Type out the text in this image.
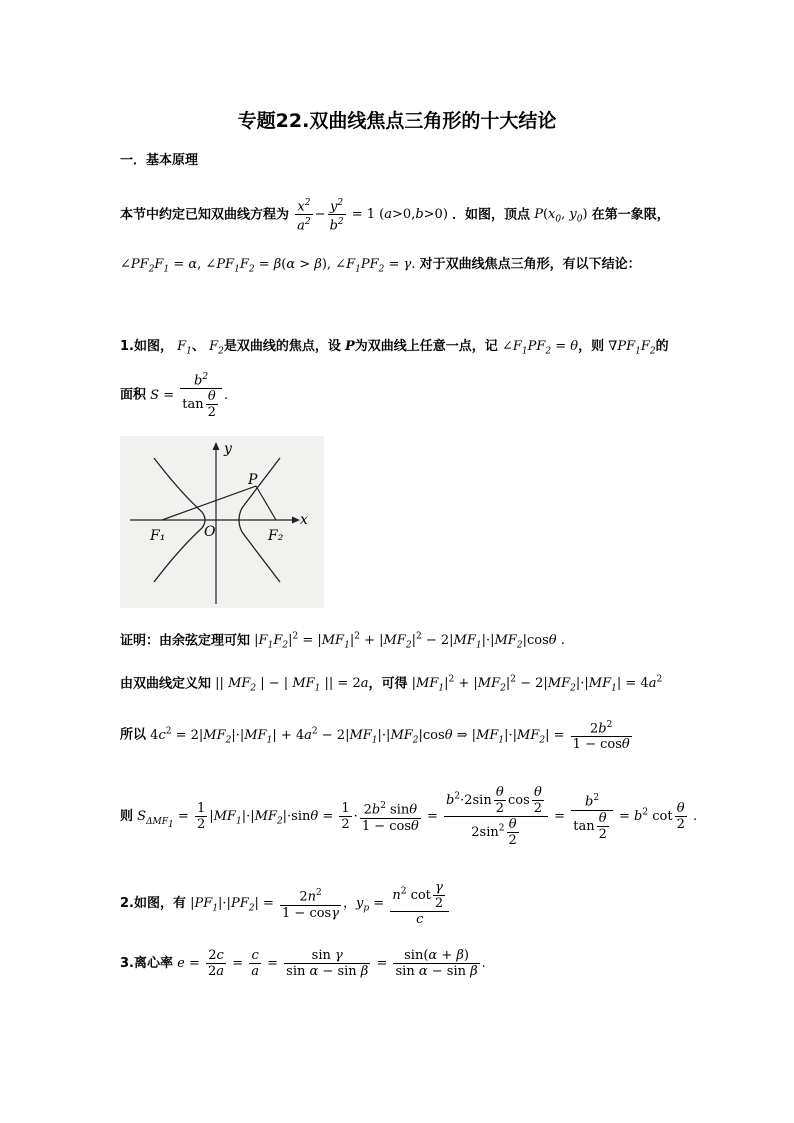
专题22.双曲线焦点三角形的十大结论
一．基本原理
本节中约定已知双曲线方程为 $\frac{x^2}{a^2} - \frac{y^2}{b^2} = 1$ (a>0,b>0) ．如图，顶点 $P(x_0$, $y_0$) 在第一象限，
$\angle PF_2F_1 = \alpha$, $\angle PF_1F_2 = \beta(\alpha > \beta)$, $\angle F_1PF_2 = \gamma$. 对于双曲线焦点三角形，有以下结论：
1.如图， $F_1$、 $F_2$是双曲线的焦点，设 P为双曲线上任意一点，记 $\angle F_1PF_2 = \theta$，则 $\nabla PF_1F_2$的
面积 $S = \frac{b^2}{\tan \frac{\theta}{2}}$ .
y
x
P
O
F₁	F₂
证明：由余弦定理可知 $|F_1F_2|^2 = |MF_1|^2 + |MF_2|^2 - 2|MF_1|\cdot|MF_2|\cos\theta$ .
由双曲线定义知 || $MF_2$ | − | $MF_1$ || = 2a，可得 $|MF_1|^2 + |MF_2|^2 - 2|MF_2|\cdot|MF_1| = 4a^2$
所以 $4c^2 = 2|MF_2|\cdot|MF_1| + 4a^2 - 2|MF_1|\cdot|MF_2|\cos\theta$ ⇒ $|MF_1|\cdot|MF_2| = \frac{2b^2}{1 - \cos\theta}$
则 $S_{\Delta MF_1} = \frac{1}{2} |MF_1|\cdot|MF_2|\cdot\sin\theta = \frac{1}{2} \cdot \frac{2b^2 \sin\theta}{1 - \cos\theta} = \frac{b^2\cdot 2\sin \frac{\theta}{2} \cos \frac{\theta}{2}}{2\sin^2 \frac{\theta}{2}} = \frac{b^2}{\tan \frac{\theta}{2}} = b^2$ $\cot \frac{\theta}{2}$ .
2.如图，有 $|PF_1|\cdot|PF_2| = \frac{2n^2}{1 - \cos\gamma}$ ，$y_p = \frac{n^2 \cot \frac{\gamma}{2}}{c}$
3.离心率 $e = \frac{2c}{2a} = \frac{c}{a} = \frac{\text{sin γ}}{\text{sin α − sin β}} = \frac{\sin(\alpha + \beta)}{\text{sin α − sin β}}$ .
